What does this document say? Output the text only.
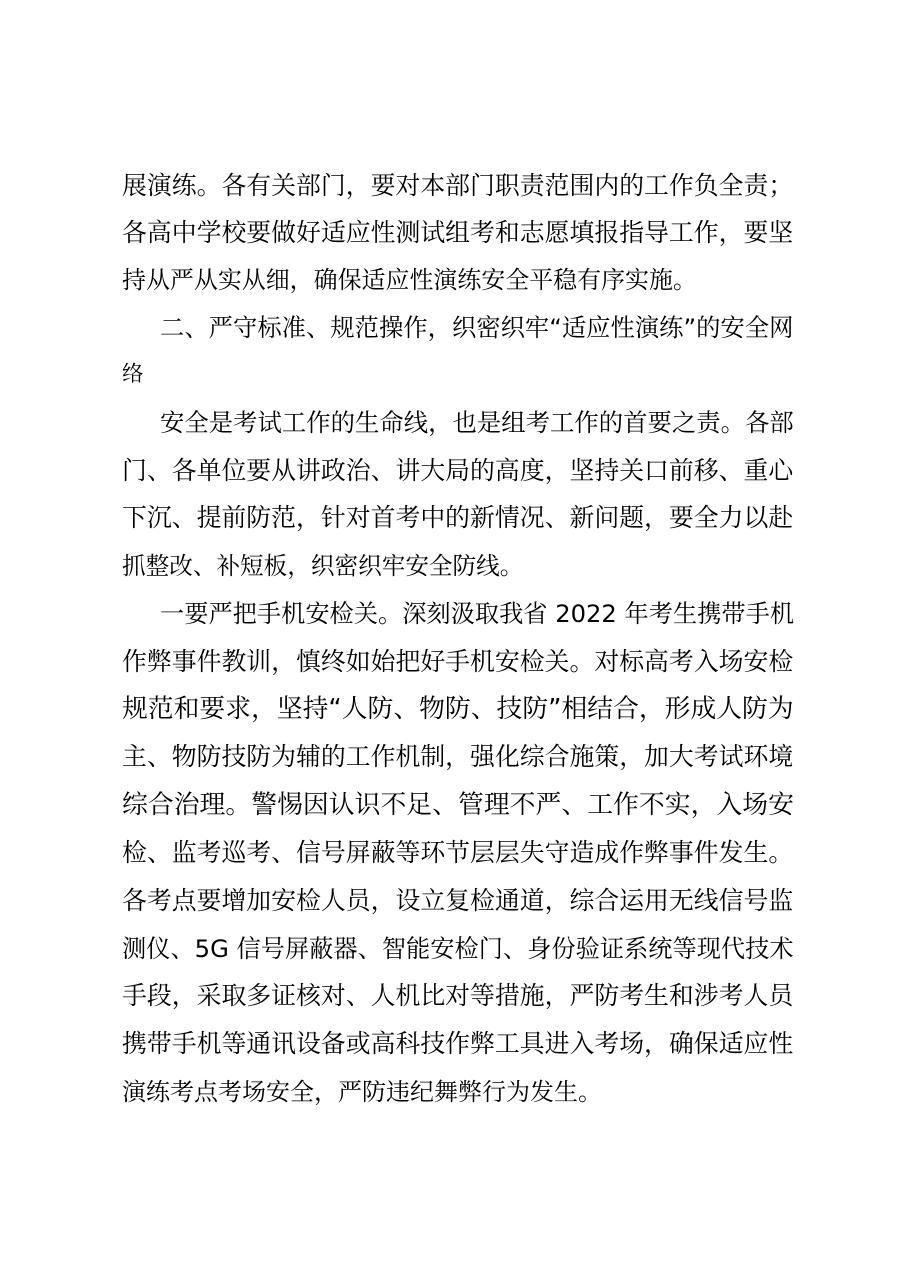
展演练。各有关部门，要对本部门职责范围内的工作负全责；
各高中学校要做好适应性测试组考和志愿填报指导工作，要坚
持从严从实从细，确保适应性演练安全平稳有序实施。
二、严守标准、规范操作，织密织牢“适应性演练”的安全网
络
安全是考试工作的生命线，也是组考工作的首要之责。各部
门、各单位要从讲政治、讲大局的高度，坚持关口前移、重心
下沉、提前防范，针对首考中的新情况、新问题，要全力以赴
抓整改、补短板，织密织牢安全防线。
一要严把手机安检关。深刻汲取我省 2022 年考生携带手机
作弊事件教训，慎终如始把好手机安检关。对标高考入场安检
规范和要求，坚持“人防、物防、技防”相结合，形成人防为
主、物防技防为辅的工作机制，强化综合施策，加大考试环境
综合治理。警惕因认识不足、管理不严、工作不实，入场安
检、监考巡考、信号屏蔽等环节层层失守造成作弊事件发生。
各考点要增加安检人员，设立复检通道，综合运用无线信号监
测仪、5G 信号屏蔽器、智能安检门、身份验证系统等现代技术
手段，采取多证核对、人机比对等措施，严防考生和涉考人员
携带手机等通讯设备或高科技作弊工具进入考场，确保适应性
演练考点考场安全，严防违纪舞弊行为发生。
